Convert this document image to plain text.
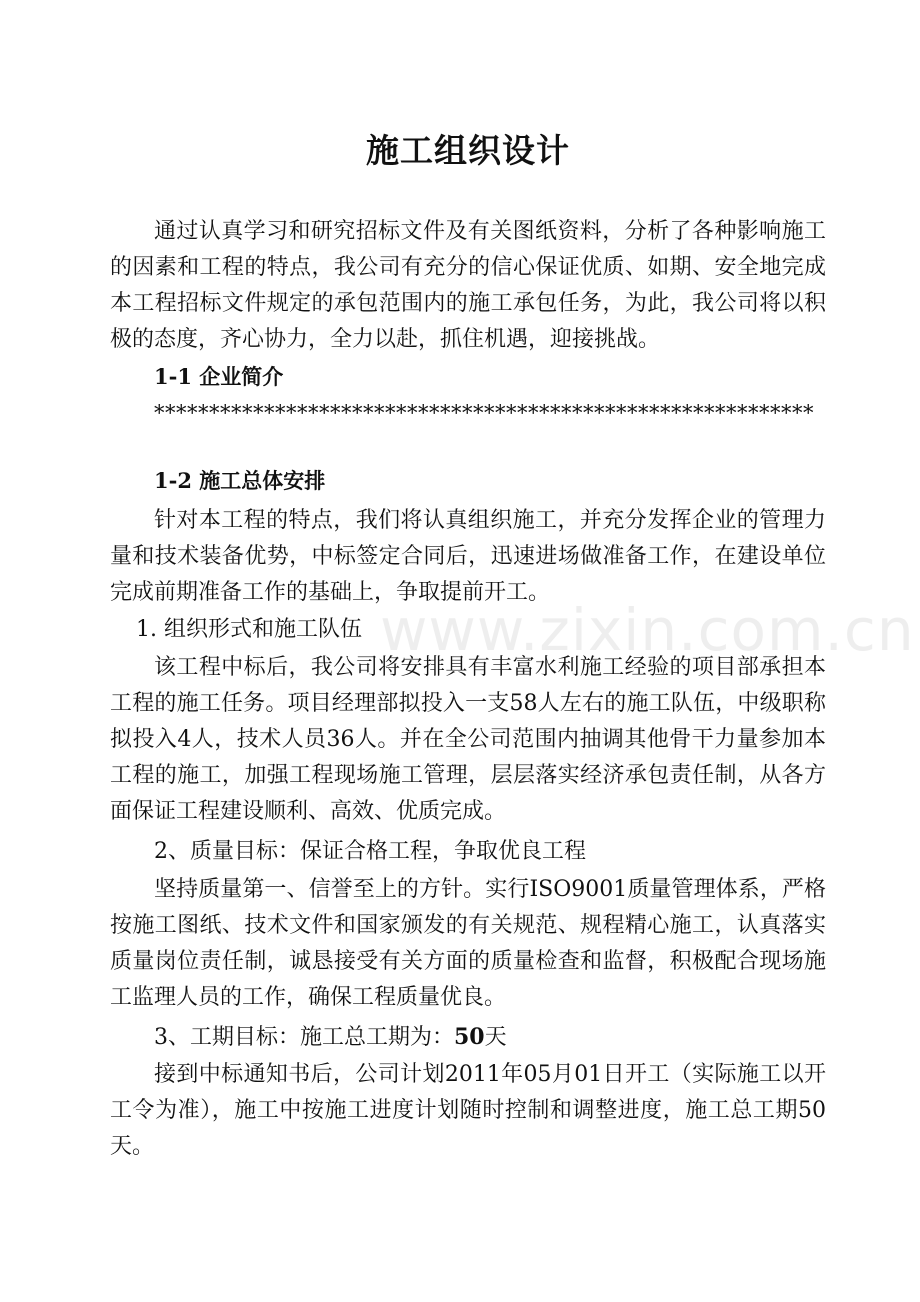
施工组织设计

通过认真学习和研究招标文件及有关图纸资料，分析了各种影响施工的因素和工程的特点，我公司有充分的信心保证优质、如期、安全地完成本工程招标文件规定的承包范围内的施工承包任务，为此，我公司将以积极的态度，齐心协力，全力以赴，抓住机遇，迎接挑战。

1-1 企业简介

************************************************************

1-2 施工总体安排

针对本工程的特点，我们将认真组织施工，并充分发挥企业的管理力量和技术装备优势，中标签定合同后，迅速进场做准备工作，在建设单位完成前期准备工作的基础上，争取提前开工。

1. 组织形式和施工队伍

该工程中标后，我公司将安排具有丰富水利施工经验的项目部承担本工程的施工任务。项目经理部拟投入一支58人左右的施工队伍，中级职称拟投入4人，技术人员36人。并在全公司范围内抽调其他骨干力量参加本工程的施工，加强工程现场施工管理，层层落实经济承包责任制，从各方面保证工程建设顺利、高效、优质完成。

2、质量目标：保证合格工程，争取优良工程

坚持质量第一、信誉至上的方针。实行ISO9001质量管理体系，严格按施工图纸、技术文件和国家颁发的有关规范、规程精心施工，认真落实质量岗位责任制，诚恳接受有关方面的质量检查和监督，积极配合现场施工监理人员的工作，确保工程质量优良。

3、工期目标：施工总工期为：50天

接到中标通知书后，公司计划2011年05月01日开工（实际施工以开工令为准），施工中按施工进度计划随时控制和调整进度，施工总工期50天。

www.zixin.com.cn
